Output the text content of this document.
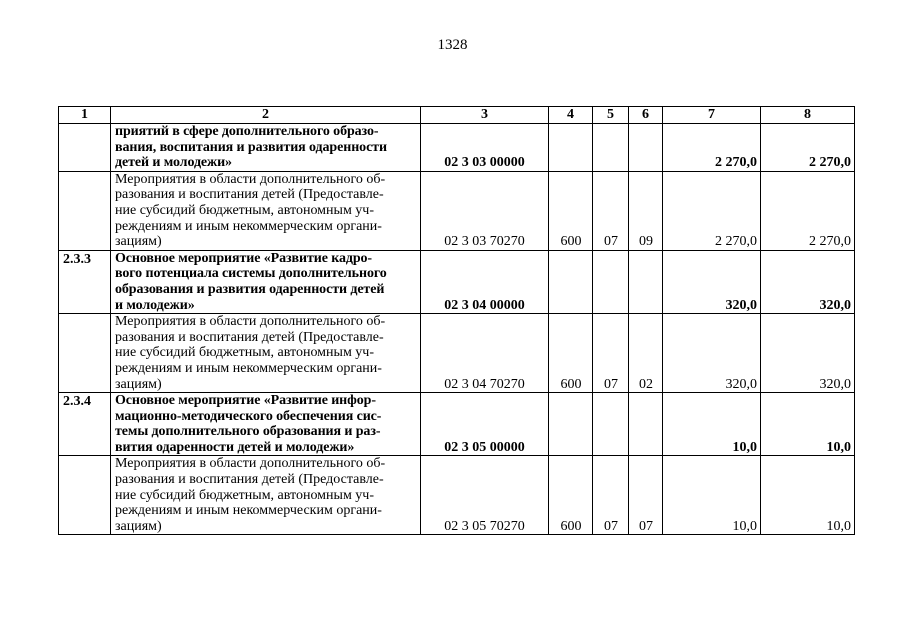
1328
1	2	3	4	5	6	7	8

	приятий в сфере дополнительного образо-
вания, воспитания и развития одаренности
детей и молодежи»	02 3 03 00000				2 270,0	2 270,0

	Мероприятия в области дополнительного об-
разования и воспитания детей (Предоставле-
ние субсидий бюджетным, автономным уч-
реждениям и иным некоммерческим органи-
зациям)	02 3 03 70270	600	07	09	2 270,0	2 270,0
2.3.3	Основное мероприятие «Развитие кадро-
вого потенциала системы дополнительного
образования и развития одаренности детей
и молодежи»	02 3 04 00000				320,0	320,0

	Мероприятия в области дополнительного об-
разования и воспитания детей (Предоставле-
ние субсидий бюджетным, автономным уч-
реждениям и иным некоммерческим органи-
зациям)	02 3 04 70270	600	07	02	320,0	320,0
2.3.4	Основное мероприятие «Развитие инфор-
мационно-методического обеспечения сис-
темы дополнительного образования и раз-
вития одаренности детей и молодежи»	02 3 05 00000				10,0	10,0

	Мероприятия в области дополнительного об-
разования и воспитания детей (Предоставле-
ние субсидий бюджетным, автономным уч-
реждениям и иным некоммерческим органи-
зациям)	02 3 05 70270	600	07	07	10,0	10,0
